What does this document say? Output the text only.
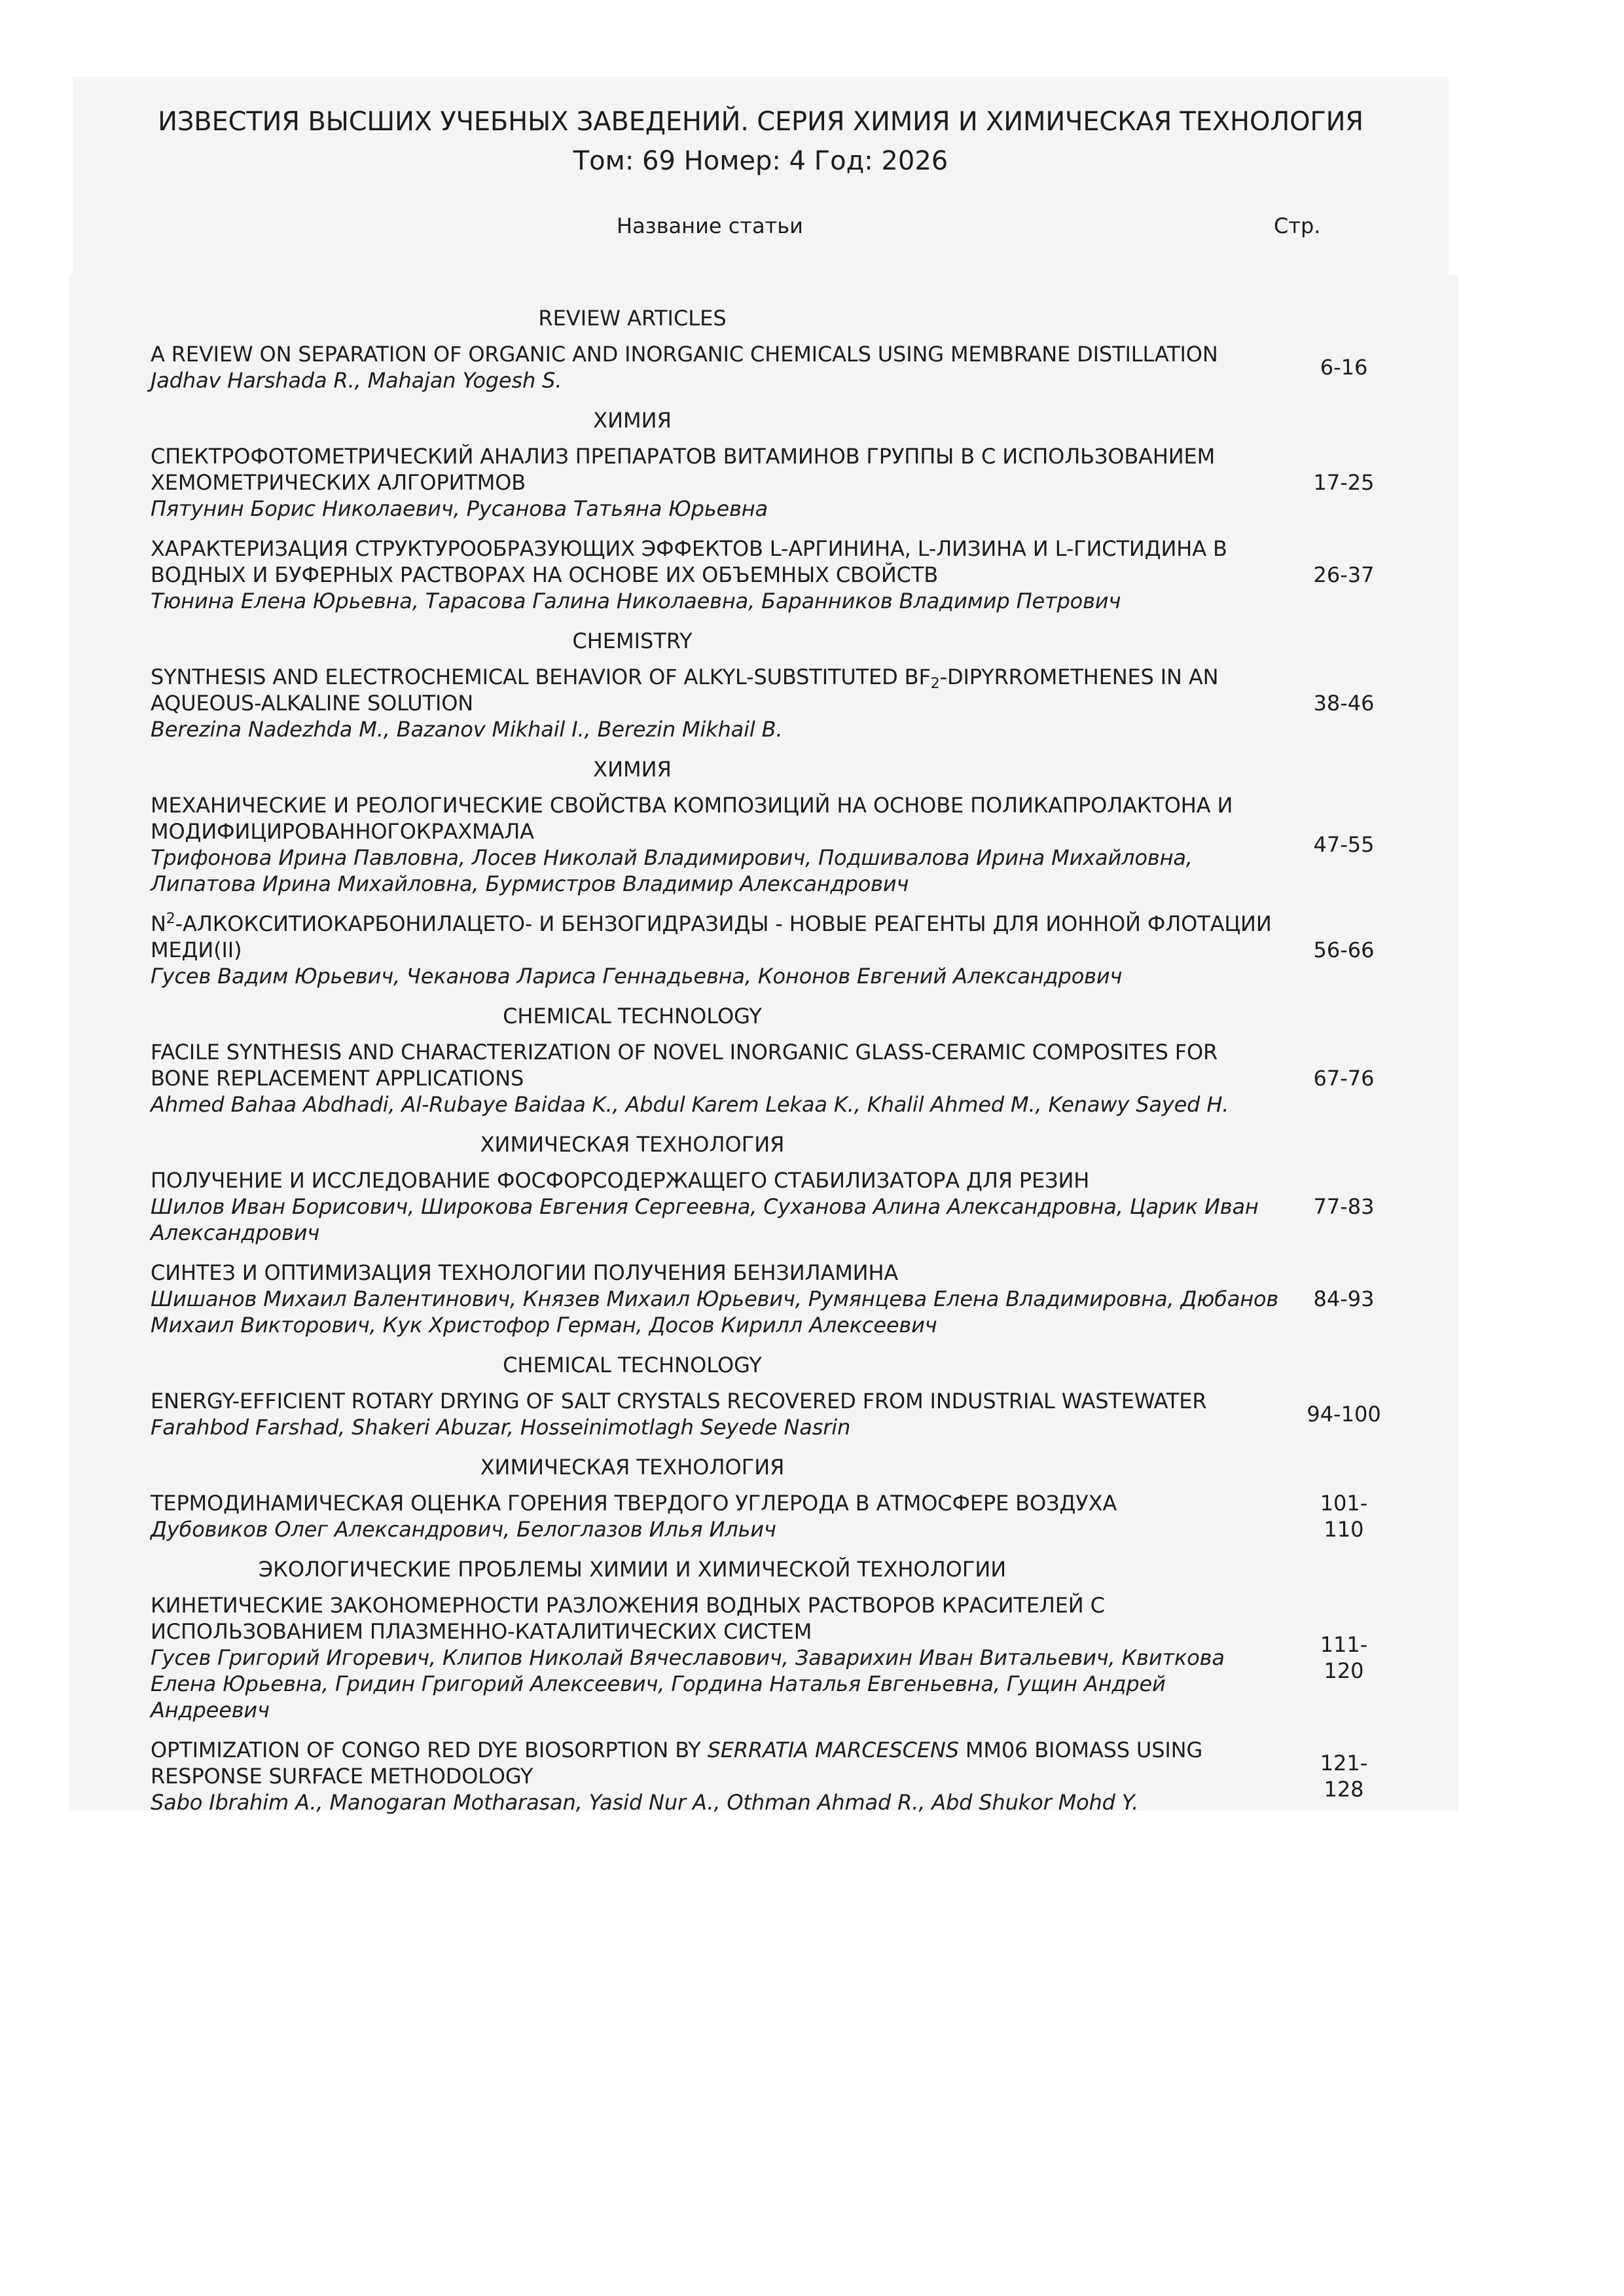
ИЗВЕСТИЯ ВЫСШИХ УЧЕБНЫХ ЗАВЕДЕНИЙ. СЕРИЯ ХИМИЯ И ХИМИЧЕСКАЯ ТЕХНОЛОГИЯ

Том: 69 Номер: 4 Год: 2026

Название статьи	Стр.
REVIEW ARTICLES
A REVIEW ON SEPARATION OF ORGANIC AND INORGANIC CHEMICALS USING MEMBRANE DISTILLATION
Jadhav Harshada R., Mahajan Yogesh S.
6-16
ХИМИЯ
СПЕКТРОФОТОМЕТРИЧЕСКИЙ АНАЛИЗ ПРЕПАРАТОВ ВИТАМИНОВ ГРУППЫ В С ИСПОЛЬЗОВАНИЕМ ХЕМОМЕТРИЧЕСКИХ АЛГОРИТМОВ
Пятунин Борис Николаевич, Русанова Татьяна Юрьевна
17-25
ХАРАКТЕРИЗАЦИЯ СТРУКТУРООБРАЗУЮЩИХ ЭФФЕКТОВ L-АРГИНИНА, L-ЛИЗИНА И L-ГИСТИДИНА В ВОДНЫХ И БУФЕРНЫХ РАСТВОРАХ НА ОСНОВЕ ИХ ОБЪЕМНЫХ СВОЙСТВ
Тюнина Елена Юрьевна, Тарасова Галина Николаевна, Баранников Владимир Петрович
26-37
CHEMISTRY
SYNTHESIS AND ELECTROCHEMICAL BEHAVIOR OF ALKYL-SUBSTITUTED $BF_2$-DIPYRROMETHENES IN AN AQUEOUS-ALKALINE SOLUTION
Berezina Nadezhda M., Bazanov Mikhail I., Berezin Mikhail B.
38-46
ХИМИЯ
МЕХАНИЧЕСКИЕ И РЕОЛОГИЧЕСКИЕ СВОЙСТВА КОМПОЗИЦИЙ НА ОСНОВЕ ПОЛИКАПРОЛАКТОНА И МОДИФИЦИРОВАННОГОКРАХМАЛА
Трифонова Ирина Павловна, Лосев Николай Владимирович, Подшивалова Ирина Михайловна, Липатова Ирина Михайловна, Бурмистров Владимир Александрович
47-55
$N^2-АЛКОКСИТИОКАРБОНИЛАЦЕТО-$ И БЕНЗОГИДРАЗИДЫ - НОВЫЕ РЕАГЕНТЫ ДЛЯ ИОННОЙ ФЛОТАЦИИ МЕДИ(II)
Гусев Вадим Юрьевич, Чеканова Лариса Геннадьевна, Кононов Евгений Александрович
56-66
CHEMICAL TECHNOLOGY
FACILE SYNTHESIS AND CHARACTERIZATION OF NOVEL INORGANIC GLASS-CERAMIC COMPOSITES FOR BONE REPLACEMENT APPLICATIONS
Ahmed Bahaa Abdhadi, Al-Rubaye Baidaa K., Abdul Karem Lekaa K., Khalil Ahmed M., Kenawy Sayed H.
67-76
ХИМИЧЕСКАЯ ТЕХНОЛОГИЯ
ПОЛУЧЕНИЕ И ИССЛЕДОВАНИЕ ФОСФОРСОДЕРЖАЩЕГО СТАБИЛИЗАТОРА ДЛЯ РЕЗИН
Шилов Иван Борисович, Широкова Евгения Сергеевна, Суханова Алина Александровна, Царик Иван Александрович
77-83
СИНТЕЗ И ОПТИМИЗАЦИЯ ТЕХНОЛОГИИ ПОЛУЧЕНИЯ БЕНЗИЛАМИНА
Шишанов Михаил Валентинович, Князев Михаил Юрьевич, Румянцева Елена Владимировна, Дюбанов Михаил Викторович, Кук Христофор Герман, Досов Кирилл Алексеевич
84-93
CHEMICAL TECHNOLOGY
ENERGY-EFFICIENT ROTARY DRYING OF SALT CRYSTALS RECOVERED FROM INDUSTRIAL WASTEWATER
Farahbod Farshad, Shakeri Abuzar, Hosseinimotlagh Seyede Nasrin
94-100
ХИМИЧЕСКАЯ ТЕХНОЛОГИЯ
ТЕРМОДИНАМИЧЕСКАЯ ОЦЕНКА ГОРЕНИЯ ТВЕРДОГО УГЛЕРОДА В АТМОСФЕРЕ ВОЗДУХА
Дубовиков Олег Александрович, Белоглазов Илья Ильич
101-110
ЭКОЛОГИЧЕСКИЕ ПРОБЛЕМЫ ХИМИИ И ХИМИЧЕСКОЙ ТЕХНОЛОГИИ
КИНЕТИЧЕСКИЕ ЗАКОНОМЕРНОСТИ РАЗЛОЖЕНИЯ ВОДНЫХ РАСТВОРОВ КРАСИТЕЛЕЙ С ИСПОЛЬЗОВАНИЕМ ПЛАЗМЕННО-КАТАЛИТИЧЕСКИХ СИСТЕМ
Гусев Григорий Игоревич, Клипов Николай Вячеславович, Заварихин Иван Витальевич, Квиткова Елена Юрьевна, Гридин Григорий Алексеевич, Гордина Наталья Евгеньевна, Гущин Андрей Андреевич
111-120
OPTIMIZATION OF CONGO RED DYE BIOSORPTION BY SERRATIA MARCESCENS MM06 BIOMASS USING RESPONSE SURFACE METHODOLOGY
Sabo Ibrahim A., Manogaran Motharasan, Yasid Nur A., Othman Ahmad R., Abd Shukor Mohd Y.
121-128
